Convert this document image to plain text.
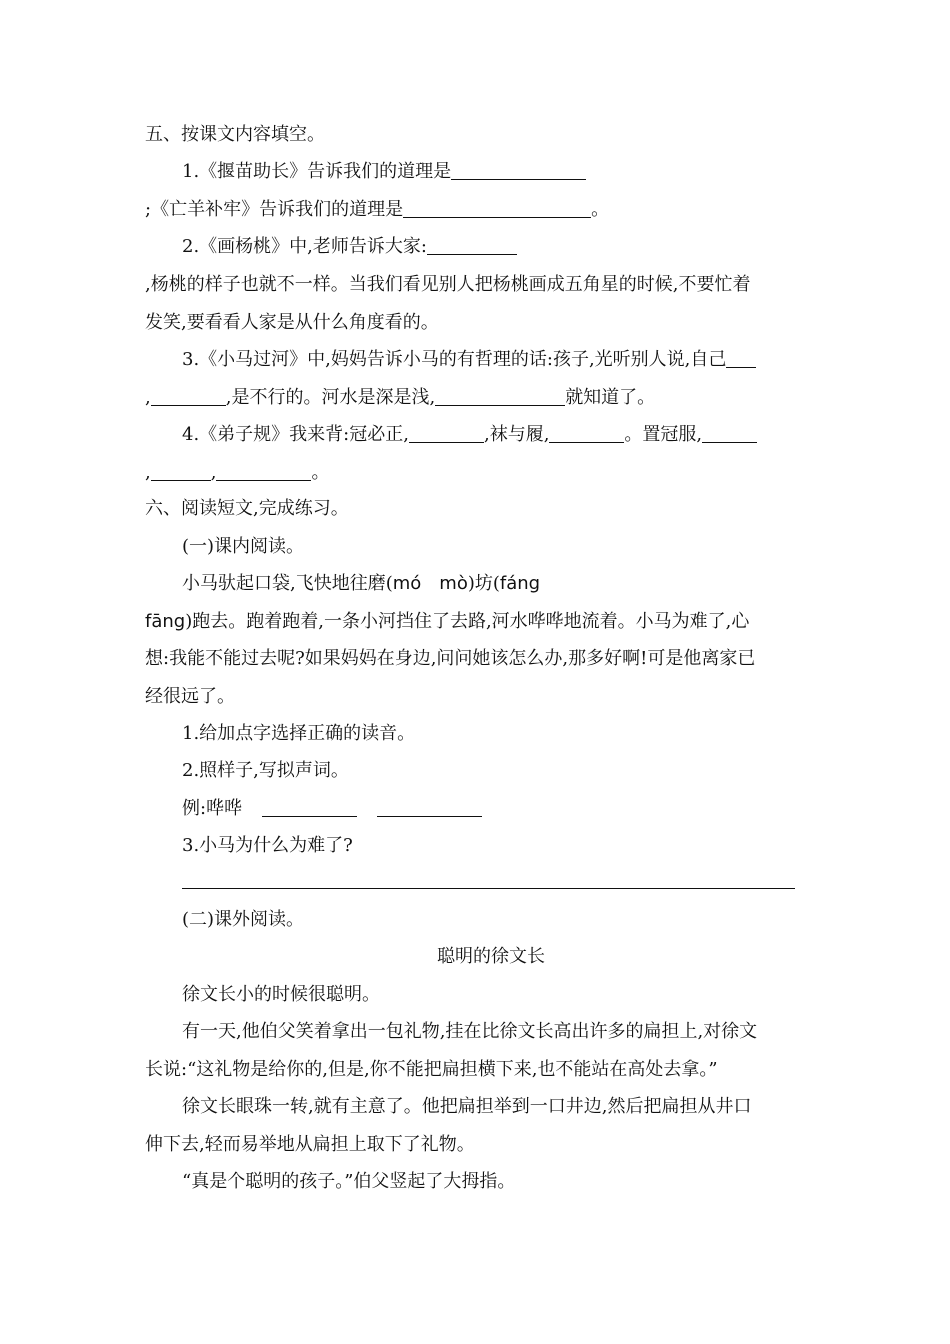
五、按课文内容填空。
1.《揠苗助长》告诉我们的道理是
;《亡羊补牢》告诉我们的道理是	。
2.《画杨桃》中,老师告诉大家:
,杨桃的样子也就不一样。当我们看见别人把杨桃画成五角星的时候,不要忙着
发笑,要看看人家是从什么角度看的。
3.《小马过河》中,妈妈告诉小马的有哲理的话:孩子,光听别人说,自己
,	,是不行的。河水是深是浅,	就知道了。
4.《弟子规》我来背:冠必正,	,袜与履,	。置冠服,
,	,	。
六、阅读短文,完成练习。
(一)课内阅读。
小马驮起口袋,飞快地往磨(mó　mò)坊(fáng
fāng)跑去。跑着跑着,一条小河挡住了去路,河水哗哗地流着。小马为难了,心
想:我能不能过去呢?如果妈妈在身边,问问她该怎么办,那多好啊!可是他离家已
经很远了。
1.给加点字选择正确的读音。
2.照样子,写拟声词。
例:哗哗
3.小马为什么为难了?
(二)课外阅读。
聪明的徐文长
徐文长小的时候很聪明。
有一天,他伯父笑着拿出一包礼物,挂在比徐文长高出许多的扁担上,对徐文
长说:“这礼物是给你的,但是,你不能把扁担横下来,也不能站在高处去拿。”
徐文长眼珠一转,就有主意了。他把扁担举到一口井边,然后把扁担从井口
伸下去,轻而易举地从扁担上取下了礼物。
“真是个聪明的孩子。”伯父竖起了大拇指。
